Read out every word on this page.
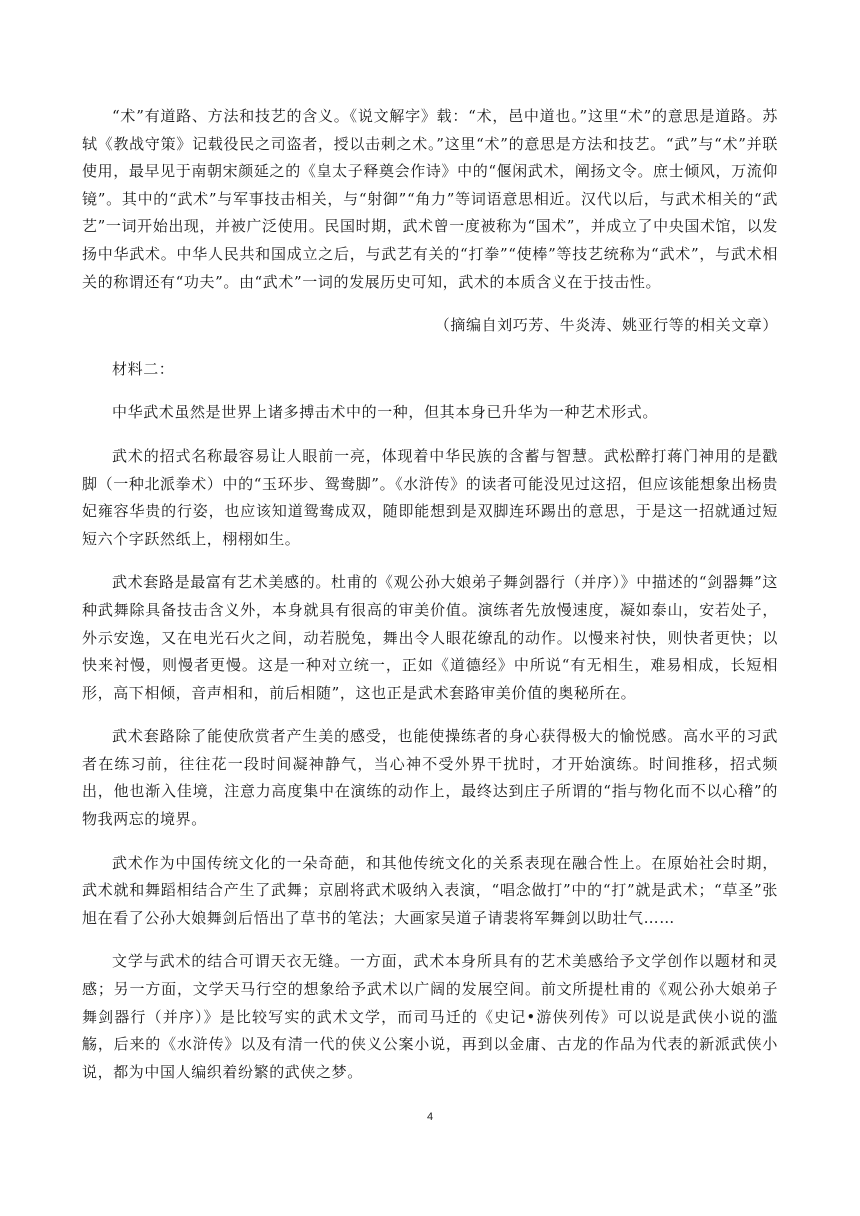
“术”有道路、方法和技艺的含义。《说文解字》载：“术，邑中道也。”这里“术”的意思是道路。苏轼《教战守策》记载役民之司盗者，授以击刺之术。”这里“术”的意思是方法和技艺。“武”与“术”并联使用，最早见于南朝宋颜延之的《皇太子释奠会作诗》中的“偃闲武术，阐扬文令。庶士倾风，万流仰镜”。其中的“武术”与军事技击相关，与“射御”“角力”等词语意思相近。汉代以后，与武术相关的“武艺”一词开始出现，并被广泛使用。民国时期，武术曾一度被称为“国术”，并成立了中央国术馆，以发扬中华武术。中华人民共和国成立之后，与武艺有关的“打拳”“使棒”等技艺统称为“武术”，与武术相关的称谓还有“功夫”。由“武术”一词的发展历史可知，武术的本质含义在于技击性。

（摘编自刘巧芳、牛炎涛、姚亚行等的相关文章）

材料二：

中华武术虽然是世界上诸多搏击术中的一种，但其本身已升华为一种艺术形式。

武术的招式名称最容易让人眼前一亮，体现着中华民族的含蓄与智慧。武松醉打蒋门神用的是戳脚（一种北派拳术）中的“玉环步、鸳鸯脚”。《水浒传》的读者可能没见过这招，但应该能想象出杨贵妃雍容华贵的行姿，也应该知道鸳鸯成双，随即能想到是双脚连环踢出的意思，于是这一招就通过短短六个字跃然纸上，栩栩如生。

武术套路是最富有艺术美感的。杜甫的《观公孙大娘弟子舞剑器行（并序）》中描述的“剑器舞”这种武舞除具备技击含义外，本身就具有很高的审美价值。演练者先放慢速度，凝如泰山，安若处子，外示安逸，又在电光石火之间，动若脱兔，舞出令人眼花缭乱的动作。以慢来衬快，则快者更快；以快来衬慢，则慢者更慢。这是一种对立统一，正如《道德经》中所说“有无相生，难易相成，长短相形，高下相倾，音声相和，前后相随”，这也正是武术套路审美价值的奥秘所在。

武术套路除了能使欣赏者产生美的感受，也能使操练者的身心获得极大的愉悦感。高水平的习武者在练习前，往往花一段时间凝神静气，当心神不受外界干扰时，才开始演练。时间推移，招式频出，他也渐入佳境，注意力高度集中在演练的动作上，最终达到庄子所谓的“指与物化而不以心稽”的物我两忘的境界。

武术作为中国传统文化的一朵奇葩，和其他传统文化的关系表现在融合性上。在原始社会时期，武术就和舞蹈相结合产生了武舞；京剧将武术吸纳入表演，“唱念做打”中的“打”就是武术；“草圣”张旭在看了公孙大娘舞剑后悟出了草书的笔法；大画家吴道子请裴将军舞剑以助壮气……

文学与武术的结合可谓天衣无缝。一方面，武术本身所具有的艺术美感给予文学创作以题材和灵感；另一方面，文学天马行空的想象给予武术以广阔的发展空间。前文所提杜甫的《观公孙大娘弟子舞剑器行（并序）》是比较写实的武术文学，而司马迁的《史记•游侠列传》可以说是武侠小说的滥觞，后来的《水浒传》以及有清一代的侠义公案小说，再到以金庸、古龙的作品为代表的新派武侠小说，都为中国人编织着纷繁的武侠之梦。

4
